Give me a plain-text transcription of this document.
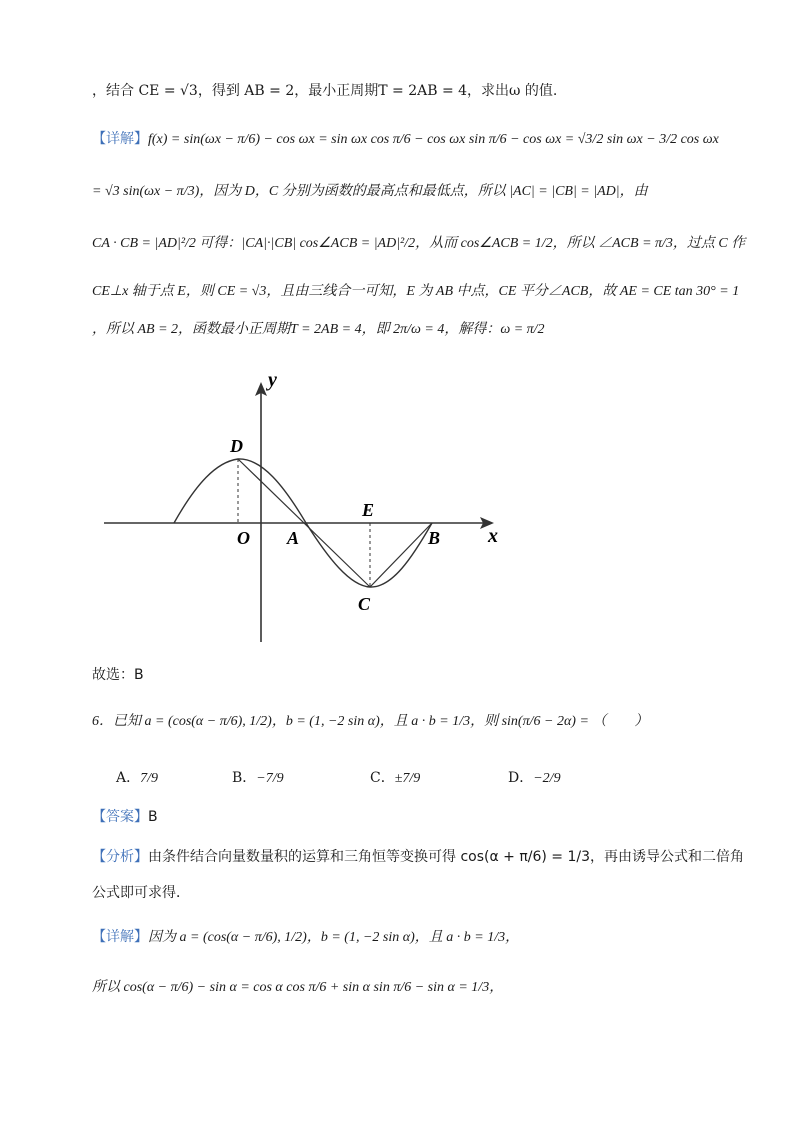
，结合 CE = √3，得到 AB = 2，最小正周期T = 2AB = 4，求出ω 的值.
【详解】f(x) = sin(ωx − π/6) − cos ωx = sin ωx cos π/6 − cos ωx sin π/6 − cos ωx = √3/2 sin ωx − 3/2 cos ωx
= √3 sin(ωx − π/3)，因为 D，C 分别为函数的最高点和最低点，所以 |AC| = |CB| = |AD|，由
CA · CB = |AD|²/2 可得：|CA|·|CB| cos∠ACB = |AD|²/2，从而 cos∠ACB = 1/2，所以 ∠ACB = π/3，过点 C 作
CE⊥x 轴于点 E，则 CE = √3，且由三线合一可知，E 为 AB 中点，CE 平分∠ACB，故 AE = CE tan 30° = 1
，所以 AB = 2，函数最小正周期T = 2AB = 4，即 2π/ω = 4，解得：ω = π/2
y
x
D
E
O A	B
C
故选：B
6．已知 a = (cos(α − π/6), 1/2)，b = (1, −2 sin α)，且 a · b = 1/3，则 sin(π/6 − 2α) = （　　）
A．7/9	B．−7/9	C．±7/9	D．−2/9
【答案】B
【分析】由条件结合向量数量积的运算和三角恒等变换可得 cos(α + π/6) = 1/3，再由诱导公式和二倍角
公式即可求得．
【详解】因为 a = (cos(α − π/6), 1/2)，b = (1, −2 sin α)，且 a · b = 1/3，
所以 cos(α − π/6) − sin α = cos α cos π/6 + sin α sin π/6 − sin α = 1/3，
